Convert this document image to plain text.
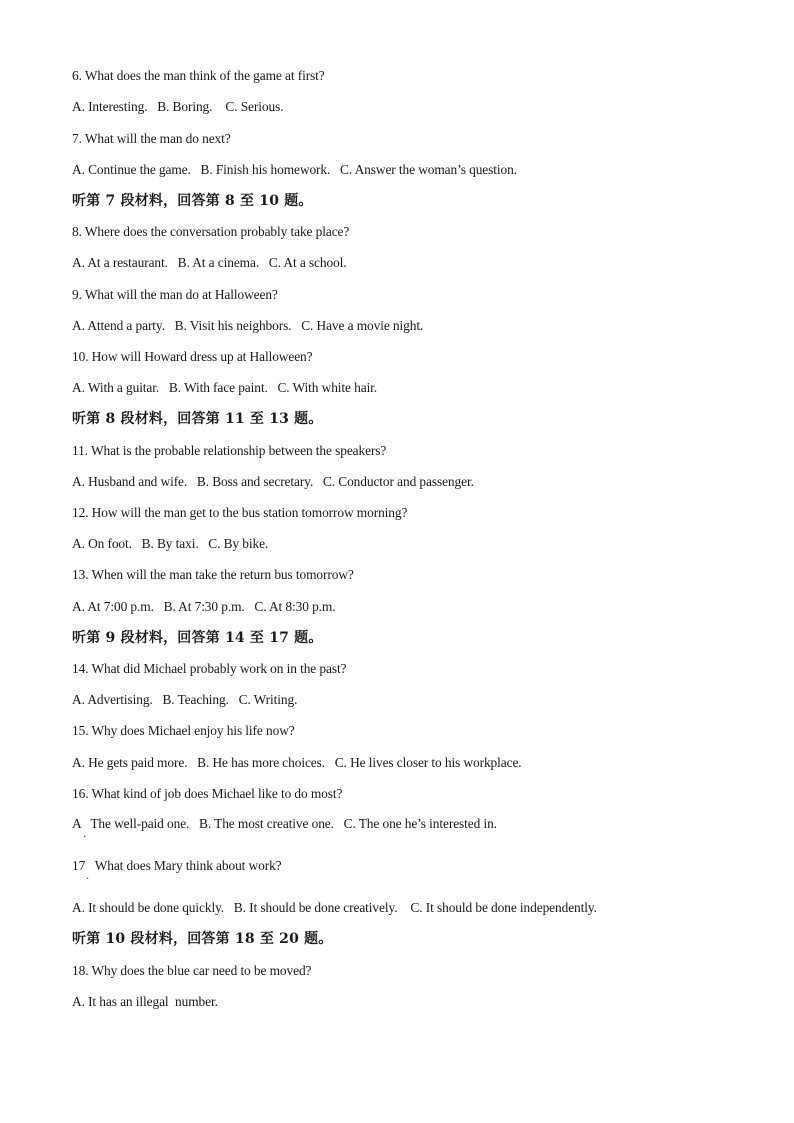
6. What does the man think of the game at first?
A. Interesting.   B. Boring.    C. Serious.
7. What will the man do next?
A. Continue the game.   B. Finish his homework.   C. Answer the woman’s question.
听第 7 段材料，回答第 8 至 10 题。
8. Where does the conversation probably take place?
A. At a restaurant.   B. At a cinema.   C. At a school.
9. What will the man do at Halloween?
A. Attend a party.   B. Visit his neighbors.   C. Have a movie night.
10. How will Howard dress up at Halloween?
A. With a guitar.   B. With face paint.   C. With white hair.
听第 8 段材料，回答第 11 至 13 题。
11. What is the probable relationship between the speakers?
A. Husband and wife.   B. Boss and secretary.   C. Conductor and passenger.
12. How will the man get to the bus station tomorrow morning?
A. On foot.   B. By taxi.   C. By bike.
13. When will the man take the return bus tomorrow?
A. At 7:00 p.m.   B. At 7:30 p.m.   C. At 8:30 p.m.
听第 9 段材料，回答第 14 至 17 题。
14. What did Michael probably work on in the past?
A. Advertising.   B. Teaching.   C. Writing.
15. Why does Michael enjoy his life now?
A. He gets paid more.   B. He has more choices.   C. He lives closer to his workplace.
16. What kind of job does Michael like to do most?
A   The well-paid one.   B. The most creative one.   C. The one he’s interested in.
·
17   What does Mary think about work?
·
A. It should be done quickly.   B. It should be done creatively.    C. It should be done independently.
听第 10 段材料，回答第 18 至 20 题。
18. Why does the blue car need to be moved?
A. It has an illegal  number.
